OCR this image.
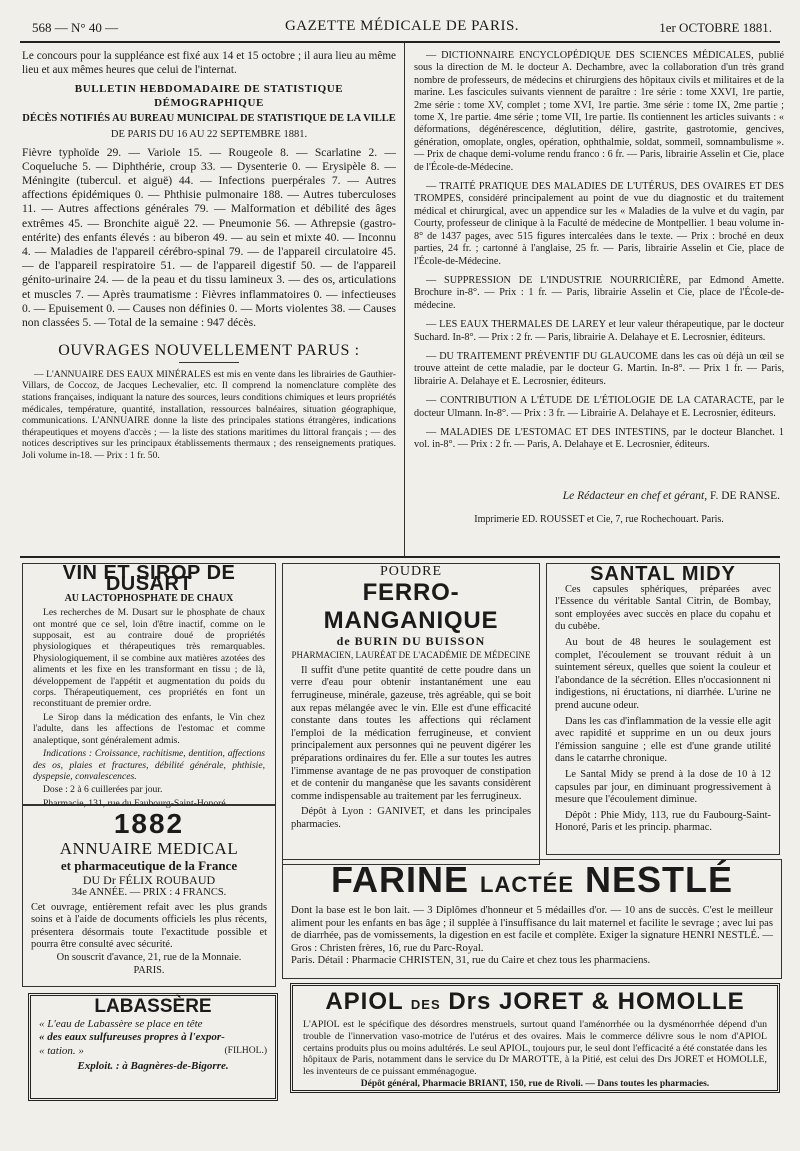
568 — N° 40 —	GAZETTE MÉDICALE DE PARIS.	1er OCTOBRE 1881.

Le concours pour la suppléance est fixé aux 14 et 15 octobre ; il aura lieu au même lieu et aux mêmes heures que celui de l'internat.

BULLETIN HEBDOMADAIRE DE STATISTIQUE DÉMOGRAPHIQUE
DÉCÈS NOTIFIÉS AU BUREAU MUNICIPAL DE STATISTIQUE DE LA VILLE
DE PARIS DU 16 AU 22 SEPTEMBRE 1881.

Fièvre typhoïde 29. — Variole 15. — Rougeole 8. — Scarlatine 2. — Coqueluche 5. — Diphthérie, croup 33. — Dysenterie 0. — Erysipèle 8. — Méningite (tubercul. et aiguë) 44. — Infections puerpérales 7. — Autres affections épidémiques 0. — Phthisie pulmonaire 188. — Autres tuberculoses 11. — Autres affections générales 79. — Malformation et débilité des âges extrêmes 45. — Bronchite aiguë 22. — Pneumonie 56. — Athrepsie (gastro-entérite) des enfants élevés : au biberon 49. — au sein et mixte 40. — Inconnu 4. — Maladies de l'appareil cérébro-spinal 79. — de l'appareil circulatoire 45. — de l'appareil respiratoire 51. — de l'appareil digestif 50. — de l'appareil génito-urinaire 24. — de la peau et du tissu lamineux 3. — des os, articulations et muscles 7. — Après traumatisme : Fièvres inflammatoires 0. — infectieuses 0. — Epuisement 0. — Causes non définies 0. — Morts violentes 38. — Causes non classées 5. — Total de la semaine : 947 décès.

OUVRAGES NOUVELLEMENT PARUS :

— L'ANNUAIRE DES EAUX MINÉRALES est mis en vente dans les librairies de Gauthier-Villars, de Coccoz, de Jacques Lechevalier, etc. Il comprend la nomenclature complète des stations françaises, indiquant la nature des sources, leurs conditions chimiques et leurs propriétés médicales, température, quantité, installation, ressources balnéaires, situation géographique, communications. L'ANNUAIRE donne la liste des principales stations étrangères, indications thérapeutiques et moyens d'accès ; — la liste des stations maritimes du littoral français ; — des notices descriptives sur les principaux établissements thermaux ; des renseignements pratiques. Joli volume in-18. — Prix : 1 fr. 50.

— DICTIONNAIRE ENCYCLOPÉDIQUE DES SCIENCES MÉDICALES, publié sous la direction de M. le docteur A. Dechambre, avec la collaboration d'un très grand nombre de professeurs, de médecins et chirurgiens des hôpitaux civils et militaires et de la marine. Les fascicules suivants viennent de paraître : 1re série : tome XXVI, 1re partie, 2me série : tome XV, complet ; tome XVI, 1re partie. 3me série : tome IX, 2me partie ; tome X, 1re partie. 4me série ; tome VII, 1re partie. Ils contiennent les articles suivants : « déformations, dégénérescence, déglutition, délire, gastrite, gastrotomie, gencives, génération, omoplate, ongles, opération, ophthalmie, soldat, sommeil, somnambulisme ». — Prix de chaque demi-volume rendu franco : 6 fr. — Paris, librairie Asselin et Cie, place de l'École-de-Médecine.

— TRAITÉ PRATIQUE DES MALADIES DE L'UTÉRUS, DES OVAIRES ET DES TROMPES, considéré principalement au point de vue du diagnostic et du traitement médical et chirurgical, avec un appendice sur les « Maladies de la vulve et du vagin, par Courty, professeur de clinique à la Faculté de médecine de Montpellier. 1 beau volume in-8° de 1437 pages, avec 515 figures intercalées dans le texte. — Prix : broché en deux parties, 24 fr. ; cartonné à l'anglaise, 25 fr. — Paris, librairie Asselin et Cie, place de l'École-de-Médecine.

— SUPPRESSION DE L'INDUSTRIE NOURRICIÈRE, par Edmond Amette. Brochure in-8°. — Prix : 1 fr. — Paris, librairie Asselin et Cie, place de l'École-de-médecine.

— LES EAUX THERMALES DE LAREY et leur valeur thérapeutique, par le docteur Suchard. In-8°. — Prix : 2 fr. — Paris, librairie A. Delahaye et E. Lecrosnier, éditeurs.

— DU TRAITEMENT PRÉVENTIF DU GLAUCOME dans les cas où déjà un œil se trouve atteint de cette maladie, par le docteur G. Martin. In-8°. — Prix 1 fr. — Paris, librairie A. Delahaye et E. Lecrosnier, éditeurs.

— CONTRIBUTION A L'ÉTUDE DE L'ÉTIOLOGIE DE LA CATARACTE, par le docteur Ulmann. In-8°. — Prix : 3 fr. — Librairie A. Delahaye et E. Lecrosnier, éditeurs.

— MALADIES DE L'ESTOMAC ET DES INTESTINS, par le docteur Blanchet. 1 vol. in-8°. — Prix : 2 fr. — Paris, A. Delahaye et E. Lecrosnier, éditeurs.

Le Rédacteur en chef et gérant, F. DE RANSE.
Imprimerie ED. ROUSSET et Cie, 7, rue Rochechouart. Paris.
VIN ET SIROP DE DUSART
AU LACTOPHOSPHATE DE CHAUX

Les recherches de M. Dusart sur le phosphate de chaux ont montré que ce sel, loin d'être inactif, comme on le supposait, est au contraire doué de propriétés physiologiques et thérapeutiques très remarquables. Physiologiquement, il se combine aux matières azotées des aliments et les fixe en les transformant en tissu ; de là, développement de l'appétit et augmentation du poids du corps. Thérapeutiquement, ces propriétés en font un reconstituant de premier ordre.

Le Sirop dans la médication des enfants, le Vin chez l'adulte, dans les affections de l'estomac et comme analeptique, sont généralement admis.

Indications : Croissance, rachitisme, dentition, affections des os, plaies et fractures, débilité générale, phthisie, dyspepsie, convalescences.

Dose : 2 à 6 cuillerées par jour.

Pharmacie, 131, rue du Faubourg-Saint-Honoré.

POUDRE
FERRO-MANGANIQUE
de BURIN DU BUISSON
PHARMACIEN, LAURÉAT DE L'ACADÉMIE DE MÉDECINE

Il suffit d'une petite quantité de cette poudre dans un verre d'eau pour obtenir instantanément une eau ferrugineuse, minérale, gazeuse, très agréable, qui se boit aux repas mélangée avec le vin. Elle est d'une efficacité constante dans toutes les affections qui réclament l'emploi de la médication ferrugineuse, et convient principalement aux personnes qui ne peuvent digérer les préparations ordinaires du fer. Elle a sur toutes les autres l'immense avantage de ne pas provoquer de constipation et de contenir du manganèse que les savants considèrent comme indispensable au traitement par les ferrugineux.

Dépôt à Lyon : GANIVET, et dans les principales pharmacies.

SANTAL MIDY

Ces capsules sphériques, préparées avec l'Essence du véritable Santal Citrin, de Bombay, sont employées avec succès en place du copahu et du cubèbe.

Au bout de 48 heures le soulagement est complet, l'écoulement se trouvant réduit à un suintement séreux, quelles que soient la couleur et l'abondance de la sécrétion. Elles n'occasionnent ni indigestions, ni éructations, ni diarrhée. L'urine ne prend aucune odeur.

Dans les cas d'inflammation de la vessie elle agit avec rapidité et supprime en un ou deux jours l'émission sanguine ; elle est d'une grande utilité dans le catarrhe chronique.

Le Santal Midy se prend à la dose de 10 à 12 capsules par jour, en diminuant progressivement à mesure que l'écoulement diminue.

Dépôt : Phie Midy, 113, rue du Faubourg-Saint-Honoré, Paris et les princip. pharmac.

1882
ANNUAIRE MEDICAL
et pharmaceutique de la France
DU Dr FÉLIX ROUBAUD
34e ANNÉE. — PRIX : 4 FRANCS.
Cet ouvrage, entièrement refait avec les plus grands soins et à l'aide de documents officiels les plus récents, présentera désormais toute l'exactitude possible et pourra être consulté avec sécurité.
On souscrit d'avance, 21, rue de la Monnaie.
PARIS.
LABASSÈRE
« L'eau de Labassère se place en tête
« des eaux sulfureuses propres à l'expor-
« tation. »	(FILHOL.)
Exploit. : à Bagnères-de-Bigorre.
FARINE LACTÉE NESTLÉ
Dont la base est le bon lait. — 3 Diplômes d'honneur et 5 médailles d'or. — 10 ans de succès. C'est le meilleur aliment pour les enfants en bas âge ; il supplée à l'insuffisance du lait maternel et facilite le sevrage ; avec lui pas de diarrhée, pas de vomissements, la digestion en est facile et complète. Exiger la signature HENRI NESTLÉ. — Gros : Christen frères, 16, rue du Parc-Royal.
Paris. Détail : Pharmacie CHRISTEN, 31, rue du Caire et chez tous les pharmaciens.
APIOL DES Drs JORET & HOMOLLE
L'APIOL est le spécifique des désordres menstruels, surtout quand l'aménorrhée ou la dysménorrhée dépend d'un trouble de l'innervation vaso-motrice de l'utérus et des ovaires. Mais le commerce délivre sous le nom d'APIOL certains produits plus ou moins adultérés. Le seul APIOL, toujours pur, le seul dont l'efficacité a été constatée dans les hôpitaux de Paris, notamment dans le service du Dr MAROTTE, à la Pitié, est celui des Drs JORET et HOMOLLE, les inventeurs de ce puissant emménagogue.
Dépôt général, Pharmacie BRIANT, 150, rue de Rivoli. — Dans toutes les pharmacies.
